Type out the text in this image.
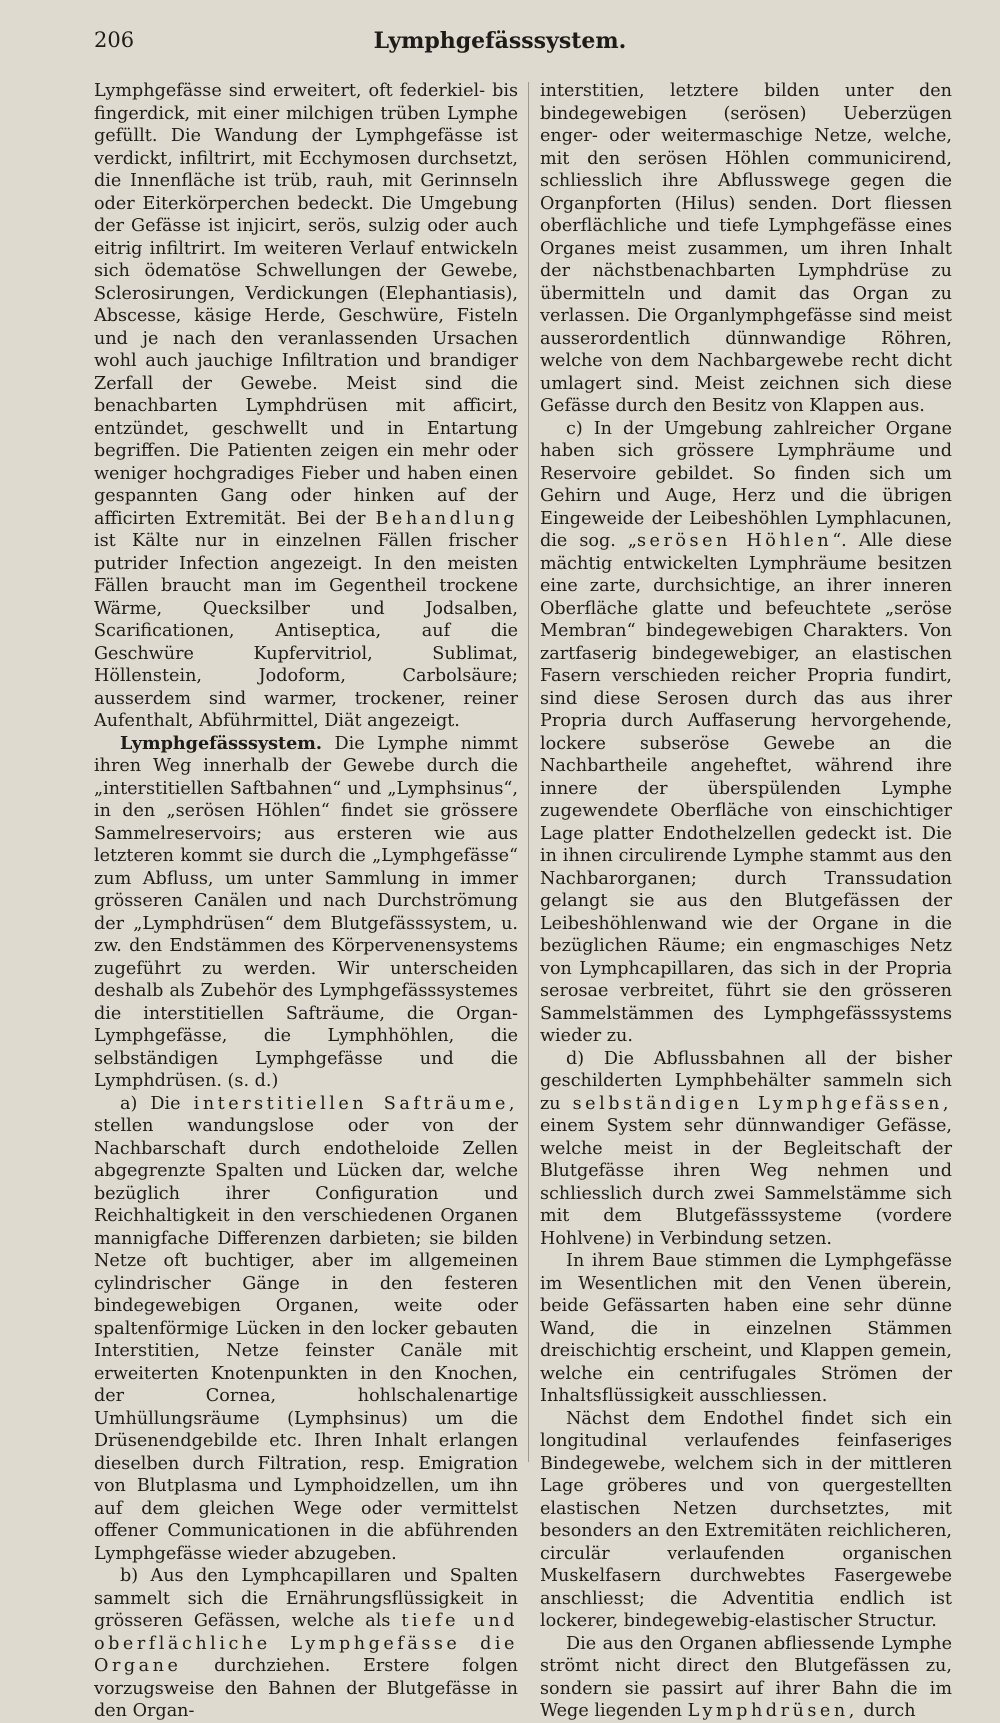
206	Lymphgefässsystem.

Lymphgefässe sind erweitert, oft federkiel- bis fingerdick, mit einer milchigen trüben Lymphe gefüllt. Die Wandung der Lymphgefässe ist verdickt, infiltrirt, mit Ecchymosen durchsetzt, die Innenfläche ist trüb, rauh, mit Gerinnseln oder Eiterkörperchen bedeckt. Die Umgebung der Gefässe ist injicirt, serös, sulzig oder auch eitrig infiltrirt. Im weiteren Verlauf entwickeln sich ödematöse Schwellungen der Gewebe, Sclerosirungen, Verdickungen (Elephantiasis), Abscesse, käsige Herde, Geschwüre, Fisteln und je nach den veranlassenden Ursachen wohl auch jauchige Infiltration und brandiger Zerfall der Gewebe. Meist sind die benachbarten Lymphdrüsen mit afficirt, entzündet, geschwellt und in Entartung begriffen. Die Patienten zeigen ein mehr oder weniger hochgradiges Fieber und haben einen gespannten Gang oder hinken auf der afficirten Extremität. Bei der Behandlung ist Kälte nur in einzelnen Fällen frischer putrider Infection angezeigt. In den meisten Fällen braucht man im Gegentheil trockene Wärme, Quecksilber und Jodsalben, Scarificationen, Antiseptica, auf die Geschwüre Kupfervitriol, Sublimat, Höllenstein, Jodoform, Carbolsäure; ausserdem sind warmer, trockener, reiner Aufenthalt, Abführmittel, Diät angezeigt.

Lymphgefässsystem. Die Lymphe nimmt ihren Weg innerhalb der Gewebe durch die „interstitiellen Saftbahnen“ und „Lymphsinus“, in den „serösen Höhlen“ findet sie grössere Sammelreservoirs; aus ersteren wie aus letzteren kommt sie durch die „Lymphgefässe“ zum Abfluss, um unter Sammlung in immer grösseren Canälen und nach Durchströmung der „Lymphdrüsen“ dem Blutgefässsystem, u. zw. den Endstämmen des Körpervenensystems zugeführt zu werden. Wir unterscheiden deshalb als Zubehör des Lymphgefässsystemes die interstitiellen Safträume, die Organ-Lymphgefässe, die Lymphhöhlen, die selbständigen Lymphgefässe und die Lymphdrüsen. (s. d.)

a) Die interstitiellen Safträume, stellen wandungslose oder von der Nachbarschaft durch endotheloide Zellen abgegrenzte Spalten und Lücken dar, welche bezüglich ihrer Configuration und Reichhaltigkeit in den verschiedenen Organen mannigfache Differenzen darbieten; sie bilden Netze oft buchtiger, aber im allgemeinen cylindrischer Gänge in den festeren bindegewebigen Organen, weite oder spaltenförmige Lücken in den locker gebauten Interstitien, Netze feinster Canäle mit erweiterten Knotenpunkten in den Knochen, der Cornea, hohlschalenartige Umhüllungsräume (Lymphsinus) um die Drüsenendgebilde etc. Ihren Inhalt erlangen dieselben durch Filtration, resp. Emigration von Blutplasma und Lymphoidzellen, um ihn auf dem gleichen Wege oder vermittelst offener Communicationen in die abführenden Lymphgefässe wieder abzugeben.

b) Aus den Lymphcapillaren und Spalten sammelt sich die Ernährungsflüssigkeit in grösseren Gefässen, welche als tiefe und oberflächliche Lymphgefässe die Organe durchziehen. Erstere folgen vorzugsweise den Bahnen der Blutgefässe in den Organ-

interstitien, letztere bilden unter den bindegewebigen (serösen) Ueberzügen enger- oder weitermaschige Netze, welche, mit den serösen Höhlen communicirend, schliesslich ihre Abflusswege gegen die Organpforten (Hilus) senden. Dort fliessen oberflächliche und tiefe Lymphgefässe eines Organes meist zusammen, um ihren Inhalt der nächstbenachbarten Lymphdrüse zu übermitteln und damit das Organ zu verlassen. Die Organlymphgefässe sind meist ausserordentlich dünnwandige Röhren, welche von dem Nachbargewebe recht dicht umlagert sind. Meist zeichnen sich diese Gefässe durch den Besitz von Klappen aus.

c) In der Umgebung zahlreicher Organe haben sich grössere Lymphräume und Reservoire gebildet. So finden sich um Gehirn und Auge, Herz und die übrigen Eingeweide der Leibeshöhlen Lymphlacunen, die sog. „serösen Höhlen“. Alle diese mächtig entwickelten Lymphräume besitzen eine zarte, durchsichtige, an ihrer inneren Oberfläche glatte und befeuchtete „seröse Membran“ bindegewebigen Charakters. Von zartfaserig bindegewebiger, an elastischen Fasern verschieden reicher Propria fundirt, sind diese Serosen durch das aus ihrer Propria durch Auffaserung hervorgehende, lockere subseröse Gewebe an die Nachbartheile angeheftet, während ihre innere der überspülenden Lymphe zugewendete Oberfläche von einschichtiger Lage platter Endothelzellen gedeckt ist. Die in ihnen circulirende Lymphe stammt aus den Nachbarorganen; durch Transsudation gelangt sie aus den Blutgefässen der Leibeshöhlenwand wie der Organe in die bezüglichen Räume; ein engmaschiges Netz von Lymphcapillaren, das sich in der Propria serosae verbreitet, führt sie den grösseren Sammelstämmen des Lymphgefässsystems wieder zu.

d) Die Abflussbahnen all der bisher geschilderten Lymphbehälter sammeln sich zu selbständigen Lymphgefässen, einem System sehr dünnwandiger Gefässe, welche meist in der Begleitschaft der Blutgefässe ihren Weg nehmen und schliesslich durch zwei Sammelstämme sich mit dem Blutgefässsysteme (vordere Hohlvene) in Verbindung setzen.

In ihrem Baue stimmen die Lymphgefässe im Wesentlichen mit den Venen überein, beide Gefässarten haben eine sehr dünne Wand, die in einzelnen Stämmen dreischichtig erscheint, und Klappen gemein, welche ein centrifugales Strömen der Inhaltsflüssigkeit ausschliessen.

Nächst dem Endothel findet sich ein longitudinal verlaufendes feinfaseriges Bindegewebe, welchem sich in der mittleren Lage gröberes und von quergestellten elastischen Netzen durchsetztes, mit besonders an den Extremitäten reichlicheren, circulär verlaufenden organischen Muskelfasern durchwebtes Fasergewebe anschliesst; die Adventitia endlich ist lockerer, bindegewebig-elastischer Structur.

Die aus den Organen abfliessende Lymphe strömt nicht direct den Blutgefässen zu, sondern sie passirt auf ihrer Bahn die im Wege liegenden Lymphdrüsen, durch
